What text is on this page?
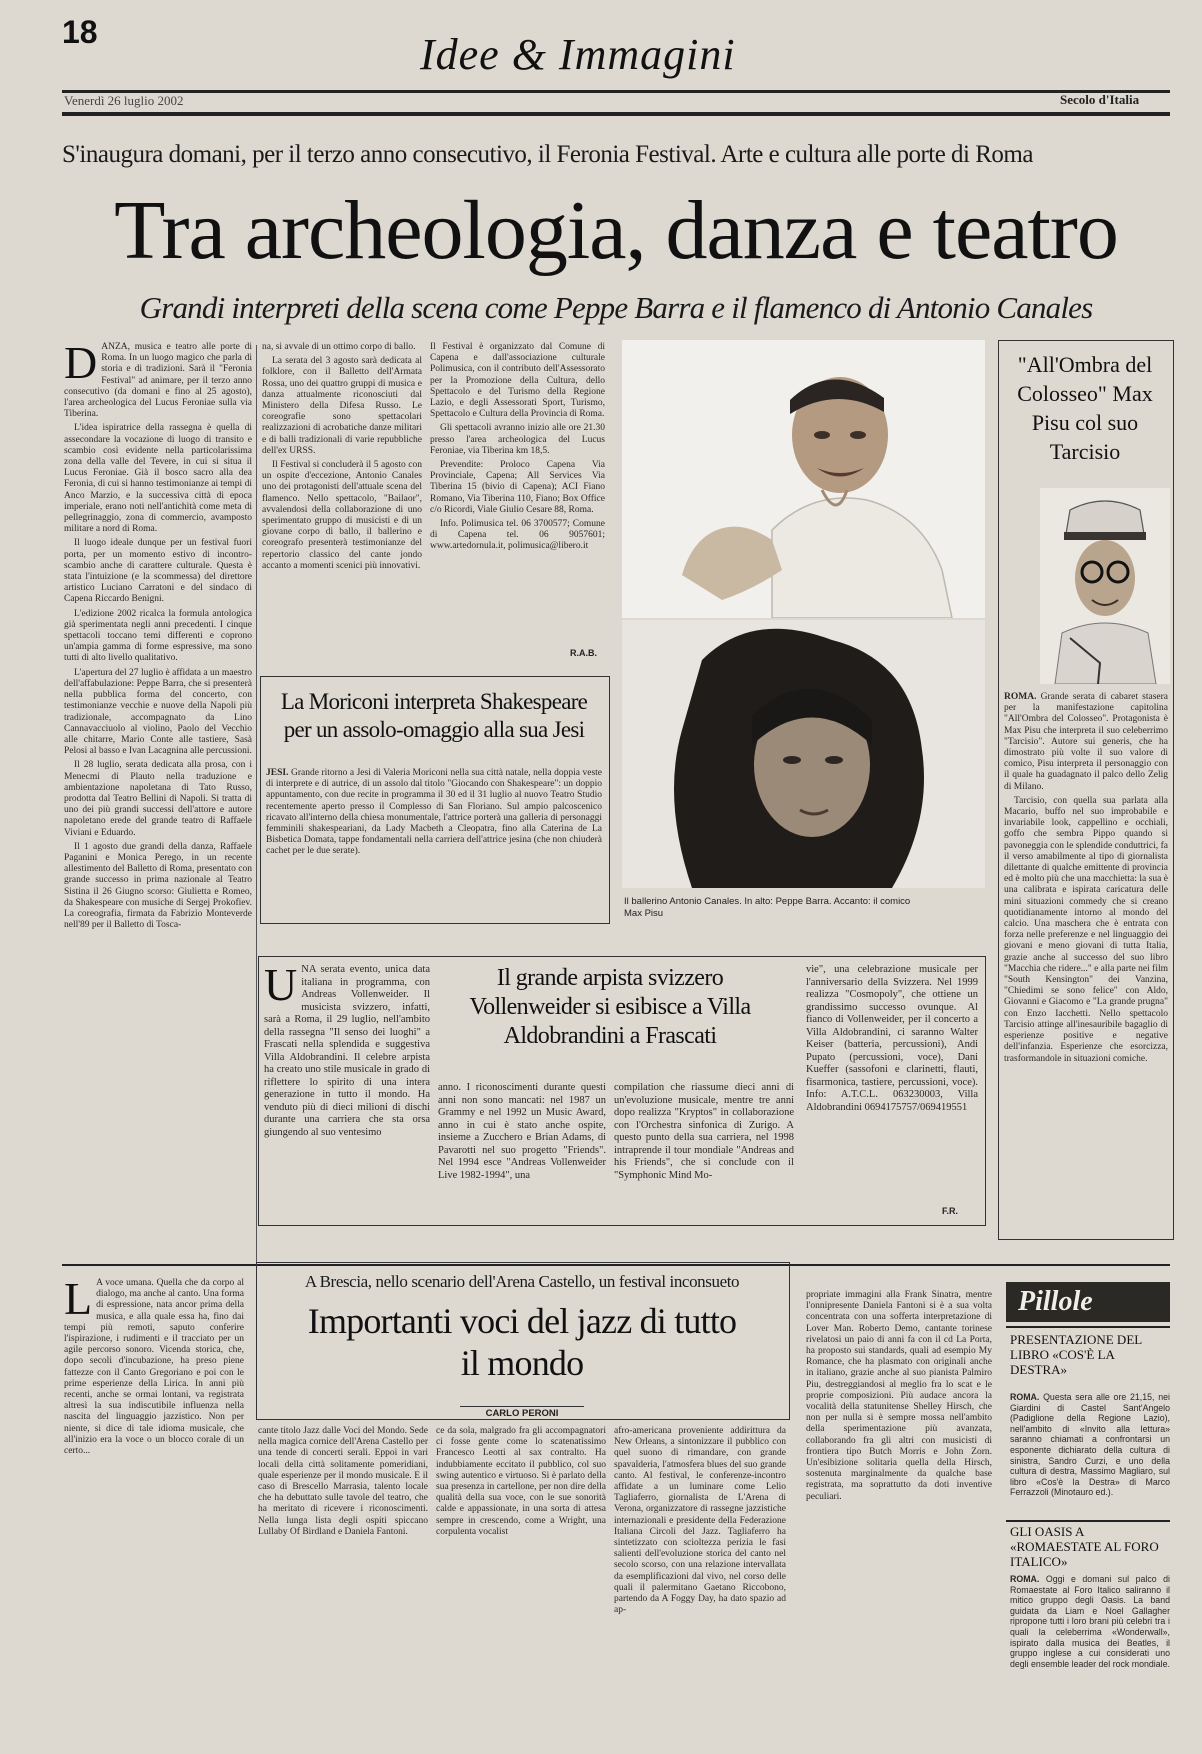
18	Idee & Immagini
Venerdì 26 luglio 2002	Secolo d'Italia
S'inaugura domani, per il terzo anno consecutivo, il Feronia Festival. Arte e cultura alle porte di Roma
Tra archeologia, danza e teatro
Grandi interpreti della scena come Peppe Barra e il flamenco di Antonio Canales
D ANZA, musica e teatro alle porte di Roma. In un luogo magico che parla di storia e di tradizioni. Sarà il "Feronia Festival" ad animare, per il terzo anno consecutivo (da domani e fino al 25 agosto), l'area archeologica del Lucus Feroniae sulla via Tiberina.

L'idea ispiratrice della rassegna è quella di assecondare la vocazione di luogo di transito e scambio così evidente nella particolarissima zona della valle del Tevere, in cui si situa il Lucus Feroniae. Già il bosco sacro alla dea Feronia, di cui si hanno testimonianze ai tempi di Anco Marzio, e la successiva città di epoca imperiale, erano noti nell'antichità come meta di pellegrinaggio, zona di commercio, avamposto militare a nord di Roma.

Il luogo ideale dunque per un festival fuori porta, per un momento estivo di incontro-scambio anche di carattere culturale. Questa è stata l'intuizione (e la scommessa) del direttore artistico Luciano Carratoni e del sindaco di Capena Riccardo Benigni.

L'edizione 2002 ricalca la formula antologica già sperimentata negli anni precedenti. I cinque spettacoli toccano temi differenti e coprono un'ampia gamma di forme espressive, ma sono tutti di alto livello qualitativo.

L'apertura del 27 luglio è affidata a un maestro dell'affabulazione: Peppe Barra, che si presenterà nella pubblica forma del concerto, con testimonianze vecchie e nuove della Napoli più tradizionale, accompagnato da Lino Cannavacciuolo al violino, Paolo del Vecchio alle chitarre, Mario Conte alle tastiere, Sasà Pelosi al basso e Ivan Lacagnina alle percussioni.

Il 28 luglio, serata dedicata alla prosa, con i Menecmi di Plauto nella traduzione e ambientazione napoletana di Tato Russo, prodotta dal Teatro Bellini di Napoli. Si tratta di uno dei più grandi successi dell'attore e autore napoletano erede del grande teatro di Raffaele Viviani e Eduardo.

Il 1 agosto due grandi della danza, Raffaele Paganini e Monica Perego, in un recente allestimento del Balletto di Roma, presentato con grande successo in prima nazionale al Teatro Sistina il 26 Giugno scorso: Giulietta e Romeo, da Shakespeare con musiche di Sergej Prokofiev. La coreografia, firmata da Fabrizio Monteverde nell'89 per il Balletto di Tosca-

na, si avvale di un ottimo corpo di ballo.

La serata del 3 agosto sarà dedicata al folklore, con il Balletto dell'Armata Rossa, uno dei quattro gruppi di musica e danza attualmente riconosciuti dal Ministero della Difesa Russo. Le coreografie sono spettacolari realizzazioni di acrobatiche danze militari e di balli tradizionali di varie repubbliche dell'ex URSS.

Il Festival si concluderà il 5 agosto con un ospite d'eccezione, Antonio Canales uno dei protagonisti dell'attuale scena del flamenco. Nello spettacolo, "Bailaor", avvalendosi della collaborazione di uno sperimentato gruppo di musicisti e di un giovane corpo di ballo, il ballerino e coreografo presenterà testimonianze del repertorio classico del cante jondo accanto a momenti scenici più innovativi.

Il Festival è organizzato dal Comune di Capena e dall'associazione culturale Polimusica, con il contributo dell'Assessorato per la Promozione della Cultura, dello Spettacolo e del Turismo della Regione Lazio, e degli Assessorati Sport, Turismo, Spettacolo e Cultura della Provincia di Roma.

Gli spettacoli avranno inizio alle ore 21.30 presso l'area archeologica del Lucus Feroniae, via Tiberina km 18,5.

Prevendite: Proloco Capena Via Provinciale, Capena; All Services Via Tiberina 15 (bivio di Capena); ACI Fiano Romano, Via Tiberina 110, Fiano; Box Office c/o Ricordi, Viale Giulio Cesare 88, Roma.

Info. Polimusica tel. 06 3700577; Comune di Capena tel. 06 9057601; www.artedornula.it, polimusica@libero.it

R.A.B.
La Moriconi interpreta Shakespeare per un assolo-omaggio alla sua Jesi

JESI. Grande ritorno a Jesi di Valeria Moriconi nella sua città natale, nella doppia veste di interprete e di autrice, di un assolo dal titolo "Giocando con Shakespeare": un doppio appuntamento, con due recite in programma il 30 ed il 31 luglio al nuovo Teatro Studio recentemente aperto presso il Complesso di San Floriano. Sul ampio palcoscenico ricavato all'interno della chiesa monumentale, l'attrice porterà una galleria di personaggi femminili shakespeariani, da Lady Macbeth a Cleopatra, fino alla Caterina de La Bisbetica Domata, tappe fondamentali nella carriera dell'attrice jesina (che non chiuderà cachet per le due serate).

Il ballerino Antonio Canales. In alto: Peppe Barra. Accanto: il comico Max Pisu
"All'Ombra del Colosseo" Max Pisu col suo Tarcisio

ROMA. Grande serata di cabaret stasera per la manifestazione capitolina "All'Ombra del Colosseo". Protagonista è Max Pisu che interpreta il suo celeberrimo "Tarcisio". Autore sui generis, che ha dimostrato più volte il suo valore di comico, Pisu interpreta il personaggio con il quale ha guadagnato il palco dello Zelig di Milano.

Tarcisio, con quella sua parlata alla Macario, buffo nel suo improbabile e invariabile look, cappellino e occhiali, goffo che sembra Pippo quando si pavoneggia con le splendide conduttrici, fa il verso amabilmente al tipo di giornalista dilettante di qualche emittente di provincia ed è molto più che una macchietta: la sua è una calibrata e ispirata caricatura delle mini situazioni commedy che si creano quotidianamente intorno al mondo del calcio. Una maschera che è entrata con forza nelle preferenze e nel linguaggio dei giovani e meno giovani di tutta Italia, grazie anche al successo del suo libro "Macchia che ridere..." e alla parte nei film "South Kensington" dei Vanzina, "Chiedimi se sono felice" con Aldo, Giovanni e Giacomo e "La grande prugna" con Enzo Iacchetti. Nello spettacolo Tarcisio attinge all'inesauribile bagaglio di esperienze positive e negative dell'infanzia. Esperienze che esorcizza, trasformandole in situazioni comiche.

Il grande arpista svizzero Vollenweider si esibisce a Villa Aldobrandini a Frascati
U NA serata evento, unica data italiana in programma, con Andreas Vollenweider. Il musicista svizzero, infatti, sarà a Roma, il 29 luglio, nell'ambito della rassegna "Il senso dei luoghi" a Frascati nella splendida e suggestiva Villa Aldobrandini. Il celebre arpista ha creato uno stile musicale in grado di riflettere lo spirito di una intera generazione in tutto il mondo. Ha venduto più di dieci milioni di dischi durante una carriera che sta orsa giungendo al suo ventesimo

anno. I riconoscimenti durante questi anni non sono mancati: nel 1987 un Grammy e nel 1992 un Music Award, anno in cui è stato anche ospite, insieme a Zucchero e Brian Adams, di Pavarotti nel suo progetto "Friends". Nel 1994 esce "Andreas Vollenweider Live 1982-1994", una

compilation che riassume dieci anni di un'evoluzione musicale, mentre tre anni dopo realizza "Kryptos" in collaborazione con l'Orchestra sinfonica di Zurigo. A questo punto della sua carriera, nel 1998 intraprende il tour mondiale "Andreas and his Friends", che si conclude con il "Symphonic Mind Mo-

vie", una celebrazione musicale per l'anniversario della Svizzera. Nel 1999 realizza "Cosmopoly", che ottiene un grandissimo successo ovunque. Al fianco di Vollenweider, per il concerto a Villa Aldobrandini, ci saranno Walter Keiser (batteria, percussioni), Andi Pupato (percussioni, voce), Dani Kueffer (sassofoni e clarinetti, flauti, fisarmonica, tastiere, percussioni, voce). Info: A.T.C.L. 063230003, Villa Aldobrandini 0694175757/069419551

F.R.
A Brescia, nello scenario dell'Arena Castello, un festival inconsueto
Importanti voci del jazz di tutto il mondo
CARLO PERONI
L A voce umana. Quella che da corpo al dialogo, ma anche al canto. Una forma di espressione, nata ancor prima della musica, e alla quale essa ha, fino dai tempi più remoti, saputo conferire l'ispirazione, i rudimenti e il tracciato per un agile percorso sonoro. Vicenda storica, che, dopo secoli d'incubazione, ha preso piene fattezze con il Canto Gregoriano e poi con le prime esperienze della Lirica. In anni più recenti, anche se ormai lontani, va registrata altresì la sua indiscutibile influenza nella nascita del linguaggio jazzistico. Non per niente, si dice di tale idioma musicale, che all'inizio era la voce o un blocco corale di un certo...

cante titolo Jazz dalle Voci del Mondo. Sede nella magica cornice dell'Arena Castello per una tende di concerti serali. Eppoi in vari locali della città solitamente pomeridiani, quale esperienze per il mondo musicale. E il caso di Brescello Marrasia, talento locale che ha debuttato sulle tavole del teatro, che ha meritato di ricevere i riconoscimenti. Nella lunga lista degli ospiti spiccano Lullaby Of Birdland e Daniela Fantoni.

ce da sola, malgrado fra gli accompagnatori ci fosse gente come lo scatenatissimo Francesco Leotti al sax contralto. Ha indubbiamente eccitato il pubblico, col suo swing autentico e virtuoso. Si è parlato della sua presenza in cartellone, per non dire della qualità della sua voce, con le sue sonorità calde e appassionate, in una sorta di attesa sempre in crescendo, come a Wright, una corpulenta vocalist

afro-americana proveniente addirittura da New Orleans, a sintonizzare il pubblico con quel suono di rimandare, con grande spavalderia, l'atmosfera blues del suo grande canto. Al festival, le conferenze-incontro affidate a un luminare come Lelio Tagliaferro, giornalista de L'Arena di Verona, organizzatore di rassegne jazzistiche internazionali e presidente della Federazione Italiana Circoli del Jazz. Tagliaferro ha sintetizzato con scioltezza perizia le fasi salienti dell'evoluzione storica del canto nel secolo scorso, con una relazione intervallata da esemplificazioni dal vivo, nel corso delle quali il palermitano Gaetano Riccobono, partendo da A Foggy Day, ha dato spazio ad ap-

propriate immagini alla Frank Sinatra, mentre l'onnipresente Daniela Fantoni si è a sua volta concentrata con una sofferta interpretazione di Lover Man. Roberto Demo, cantante torinese rivelatosi un paio di anni fa con il cd La Porta, ha proposto sui standards, quali ad esempio My Romance, che ha plasmato con originali anche in italiano, grazie anche al suo pianista Palmiro Piu, destreggiandosi al meglio fra lo scat e le proprie composizioni. Più audace ancora la vocalità della statunitense Shelley Hirsch, che non per nulla si è sempre mossa nell'ambito della sperimentazione più avanzata, collaborando fra gli altri con musicisti di frontiera tipo Butch Morris e John Zorn. Un'esibizione solitaria quella della Hirsch, sostenuta marginalmente da qualche base registrata, ma soprattutto da doti inventive peculiari.

Pillole
PRESENTAZIONE DEL LIBRO «COS'È LA DESTRA»

ROMA. Questa sera alle ore 21,15, nei Giardini di Castel Sant'Angelo (Padiglione della Regione Lazio), nell'ambito di «Invito alla lettura» saranno chiamati a confrontarsi un esponente dichiarato della cultura di sinistra, Sandro Curzi, e uno della cultura di destra, Massimo Magliaro, sul libro «Cos'è la Destra» di Marco Ferrazzoli (Minotauro ed.).

GLI OASIS A «ROMAESTATE AL FORO ITALICO»

ROMA. Oggi e domani sul palco di Romaestate al Foro Italico saliranno il mitico gruppo degli Oasis. La band guidata da Liam e Noel Gallagher ripropone tutti i loro brani più celebri tra i quali la celeberrima «Wonderwall», ispirato dalla musica dei Beatles, il gruppo inglese a cui considerati uno degli ensemble leader del rock mondiale.
